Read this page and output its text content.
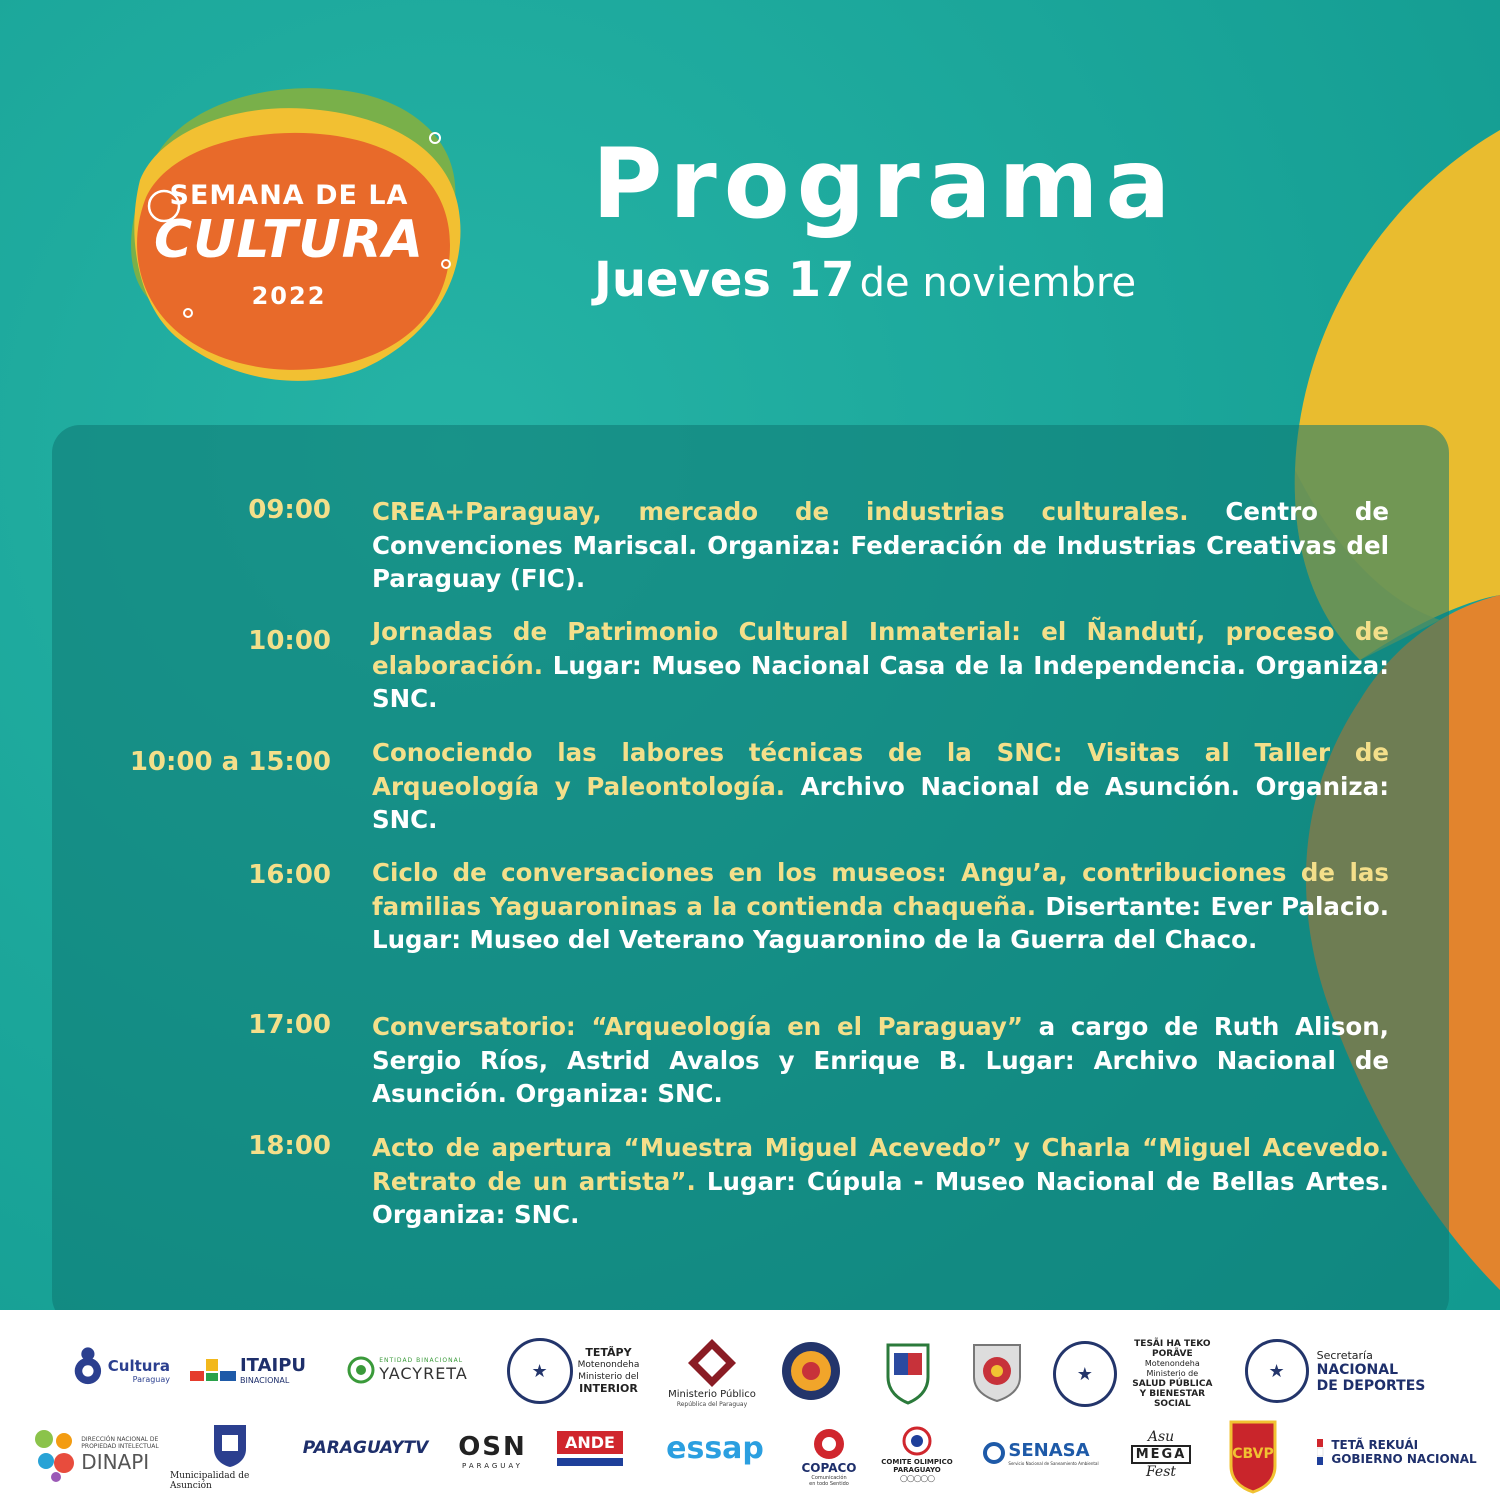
SEMANA DE LA
CULTURA
2022
Programa
Jueves 17 de noviembre
09:00 CREA+Paraguay, mercado de industrias culturales. Centro de Convenciones Mariscal. Organiza: Federación de Industrias Creativas del Paraguay (FIC).
10:00 Jornadas de Patrimonio Cultural Inmaterial: el Ñandutí, proceso de elaboración. Lugar: Museo Nacional Casa de la Independencia. Organiza: SNC.
10:00 a 15:00 Conociendo las labores técnicas de la SNC: Visitas al Taller de Arqueología y Paleontología. Archivo Nacional de Asunción. Organiza: SNC.
16:00 Ciclo de conversaciones en los museos: Angu’a, contribuciones de las familias Yaguaroninas a la contienda chaqueña. Disertante: Ever Palacio. Lugar: Museo del Veterano Yaguaronino de la Guerra del Chaco.
17:00 Conversatorio: “Arqueología en el Paraguay” a cargo de Ruth Alison, Sergio Ríos, Astrid Avalos y Enrique B. Lugar: Archivo Nacional de Asunción. Organiza: SNC.
18:00 Acto de apertura “Muestra Miguel Acevedo” y Charla “Miguel Acevedo. Retrato de un artista”. Lugar: Cúpula - Museo Nacional de Bellas Artes. Organiza: SNC.
Cultura
Paraguay
ITAIPU
BINACIONAL
ENTIDAD BINACIONAL
YACYRETA	★
TETÃPY
Motenondeha
Ministerio del
INTERIOR	Ministerio Público
República del Paraguay
★
TESÃI HA TEKO
PORÃVE
Motenondeha
Ministerio de
SALUD PÚBLICA
Y BIENESTAR SOCIAL
★
Secretaría
NACIONAL
DE DEPORTES
DIRECCIÓN NACIONAL DE
PROPIEDAD INTELECTUAL
DINAPI
Municipalidad de Asunción
PARAGUAYTV OSN
PARAGUAY
ANDE essap
COPACO
Comunicación en todo Sentido
COMITE OLIMPICO
PARAGUAYO
○○○○○
SENASA
Servicio Nacional de Saneamiento Ambiental
Asu
MEGA
Fest
CBVP
TETÃ REKUÁI
GOBIERNO NACIONAL
